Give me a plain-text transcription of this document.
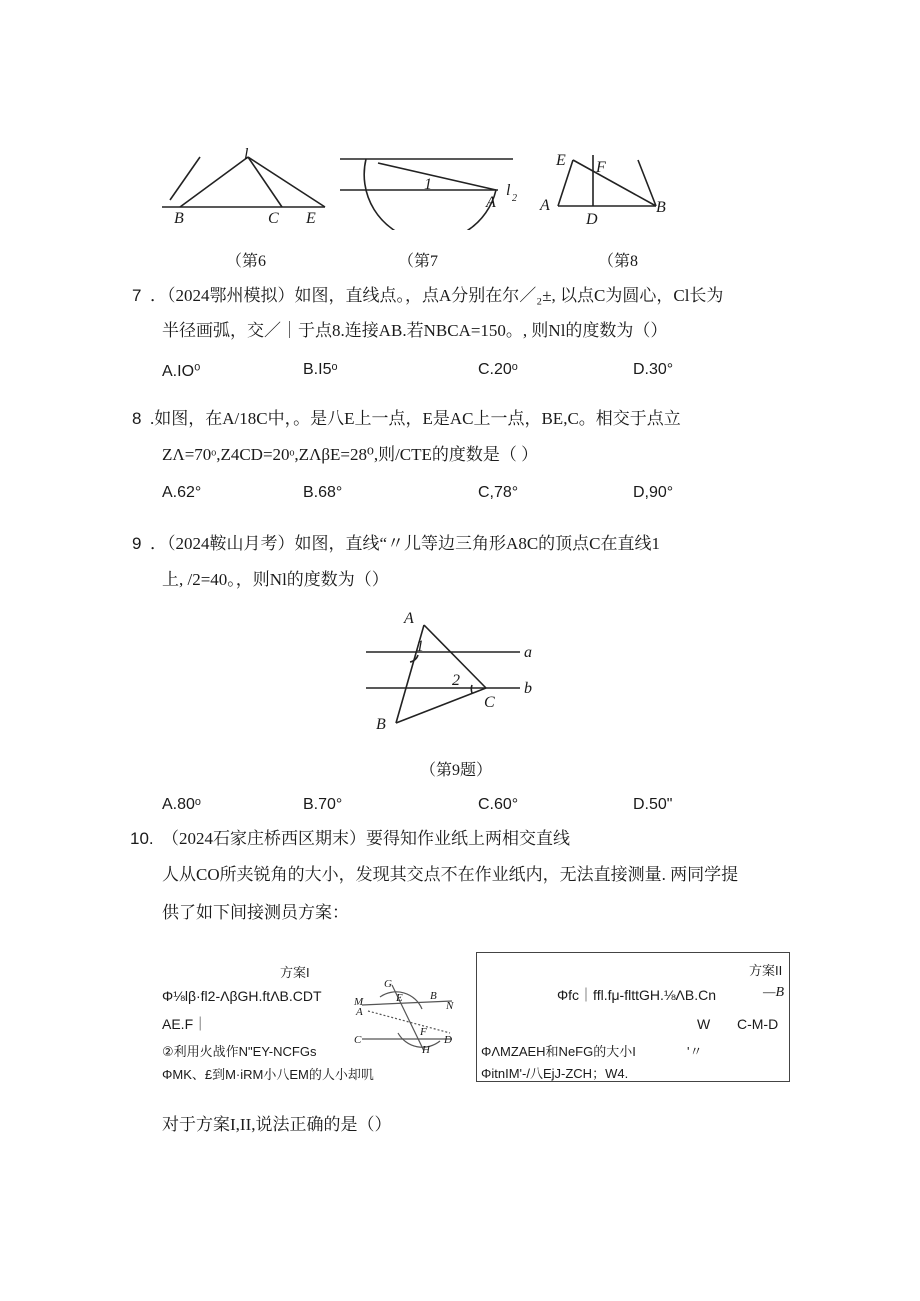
l
B	C E
1
A
l 2
E F
A
D
B
（第6	（第7	（第8
7 ．（2024鄂州模拟）如图，直线点。，点A分别在尔／₂±, 以点C为圆心，Cl长为
半径画弧，交／｜于点8.连接AB.若NBCA=150。, 则Nl的度数为（）
A.IO⁰	B.I5ᵒ	C.20ᵒ	D.30°
8 .如图，在A/18C中，。是八E上一点，E是AC上一点，BE,C。相交于点立
ZΛ=70ᵒ,Z4CD=20ᵒ,ZΛβE=28⁰,则/CTE的度数是（ ）
A.62°	B.68°	C,78°	D,90°
9 ．（2024鞍山月考）如图，直线“〃儿等边三角形A8C的顶点C在直线1
上, /2=40。，则Nl的度数为（）
A
B
C
a
b
1
2
（第9题）
A.80ᵒ	B.70°	C.60°	D.50"
10. （2024石家庄桥西区期末）要得知作业纸上两相交直线
人从CO所夹锐角的大小，发现其交点不在作业纸内，无法直接测量. 两同学提
供了如下间接测员方案：
方案I
Φ⅛lβ·fl2-ΛβGH.ftΛB.CDT
AE.F｜
②利用火战作N"EY-NCFGs
ΦMK、£到M·iRM小八EM的人小却叽
G
E B
N
M
A
C
F
H
D
方案II
Φfc｜ffl.fμ-flttGH.⅛ΛB.Cn	—B
W C-M-D
ΦΛMZAEH和NeFG的大小I	'〃
ΦitnIM'-/八EjJ-ZCH；W4.
对于方案I,II,说法正确的是（）
